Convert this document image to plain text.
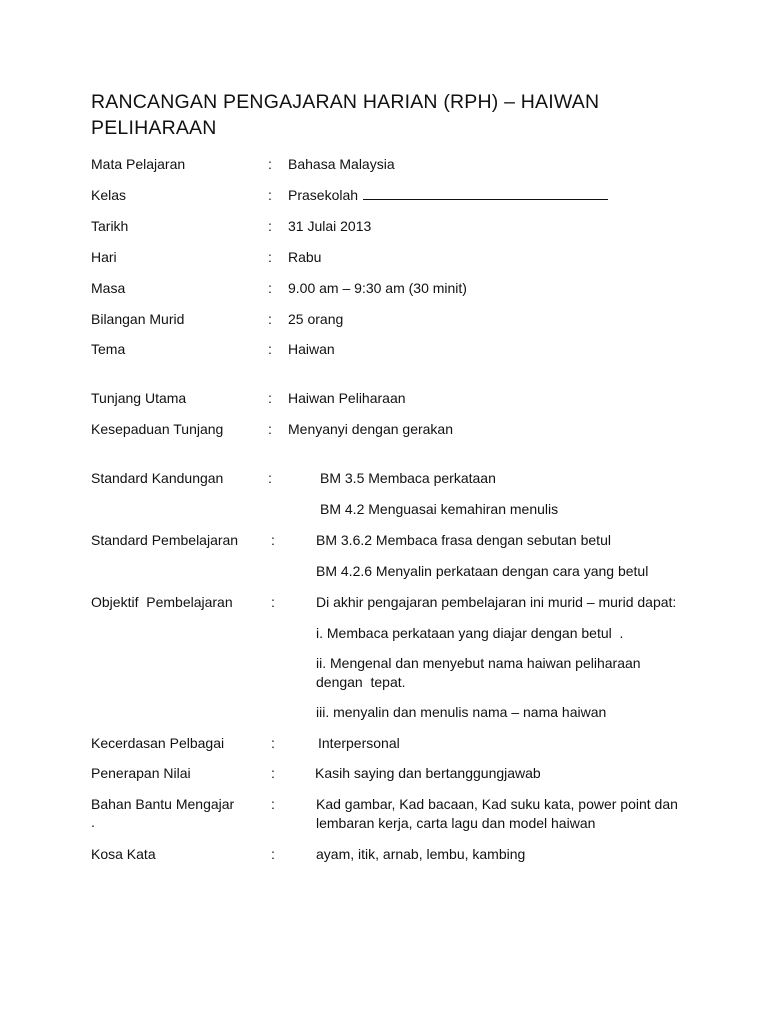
RANCANGAN PENGAJARAN HARIAN (RPH) – HAIWAN PELIHARAAN
Mata Pelajaran	: Bahasa Malaysia
Kelas	: Prasekolah
Tarikh	: 31 Julai 2013
Hari	: Rabu
Masa	: 9.00 am – 9:30 am (30 minit)
Bilangan Murid	: 25 orang
Tema	: Haiwan
Tunjang Utama	: Haiwan Peliharaan
Kesepaduan Tunjang	: Menyanyi dengan gerakan
Standard Kandungan	:	BM 3.5 Membaca perkataan
BM 4.2 Menguasai kemahiran menulis
Standard Pembelajaran :	BM 3.6.2 Membaca frasa dengan sebutan betul
BM 4.2.6 Menyalin perkataan dengan cara yang betul
Objektif  Pembelajaran	:	Di akhir pengajaran pembelajaran ini murid – murid dapat:
i. Membaca perkataan yang diajar dengan betul  .
ii. Mengenal dan menyebut nama haiwan peliharaan dengan  tepat.
iii. menyalin dan menulis nama – nama haiwan
Kecerdasan Pelbagai	:	Interpersonal
Penerapan Nilai	:	Kasih saying dan bertanggungjawab
Bahan Bantu Mengajar
.
:	Kad gambar, Kad bacaan, Kad suku kata, power point dan lembaran kerja, carta lagu dan model haiwan
Kosa Kata	:	ayam, itik, arnab, lembu, kambing
